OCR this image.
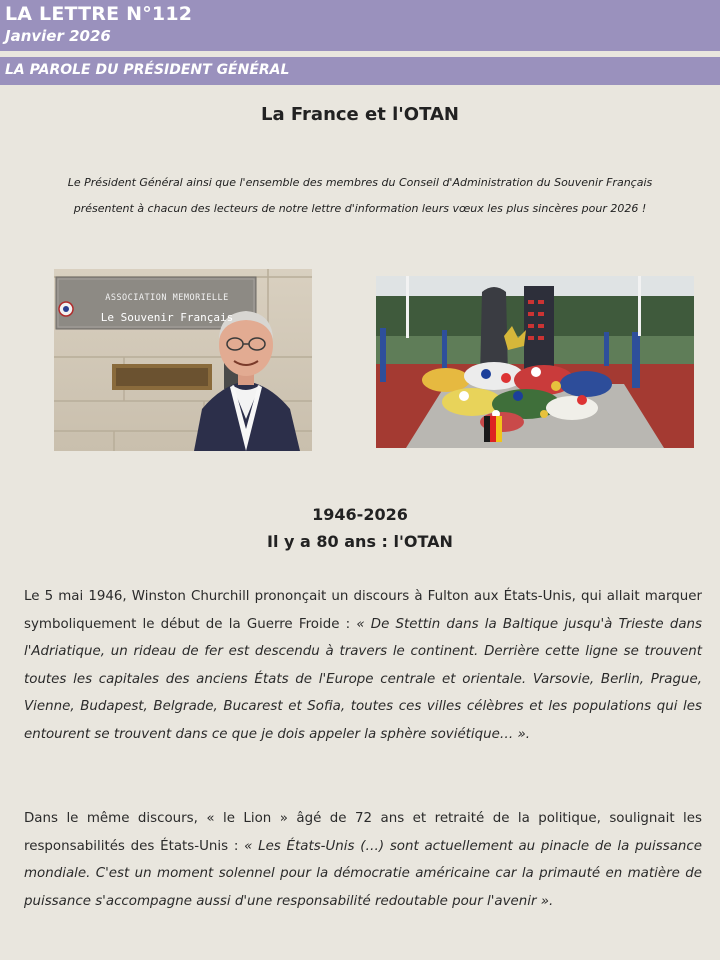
LA LETTRE N°112
Janvier 2026
LA PAROLE DU PRÉSIDENT GÉNÉRAL
La France et l'OTAN
Le Président Général ainsi que l'ensemble des membres du Conseil d'Administration du Souvenir Français
présentent à chacun des lecteurs de notre lettre d'information leurs vœux les plus sincères pour 2026 !
ASSOCIATION MEMORIELLE
Le Souvenir Français
1946-2026
Il y a 80 ans : l'OTAN
Le 5 mai 1946, Winston Churchill prononçait un discours à Fulton aux États-Unis, qui allait marquer symboliquement le début de la Guerre Froide : « De Stettin dans la Baltique jusqu'à Trieste dans l'Adriatique, un rideau de fer est descendu à travers le continent. Derrière cette ligne se trouvent toutes les capitales des anciens États de l'Europe centrale et orientale. Varsovie, Berlin, Prague, Vienne, Budapest, Belgrade, Bucarest et Sofia, toutes ces villes célèbres et les populations qui les entourent se trouvent dans ce que je dois appeler la sphère soviétique… ».
Dans le même discours, « le Lion » âgé de 72 ans et retraité de la politique, soulignait les responsabilités des États-Unis : « Les États-Unis (…) sont actuellement au pinacle de la puissance mondiale. C'est un moment solennel pour la démocratie américaine car la primauté en matière de puissance s'accompagne aussi d'une responsabilité redoutable pour l'avenir ».
